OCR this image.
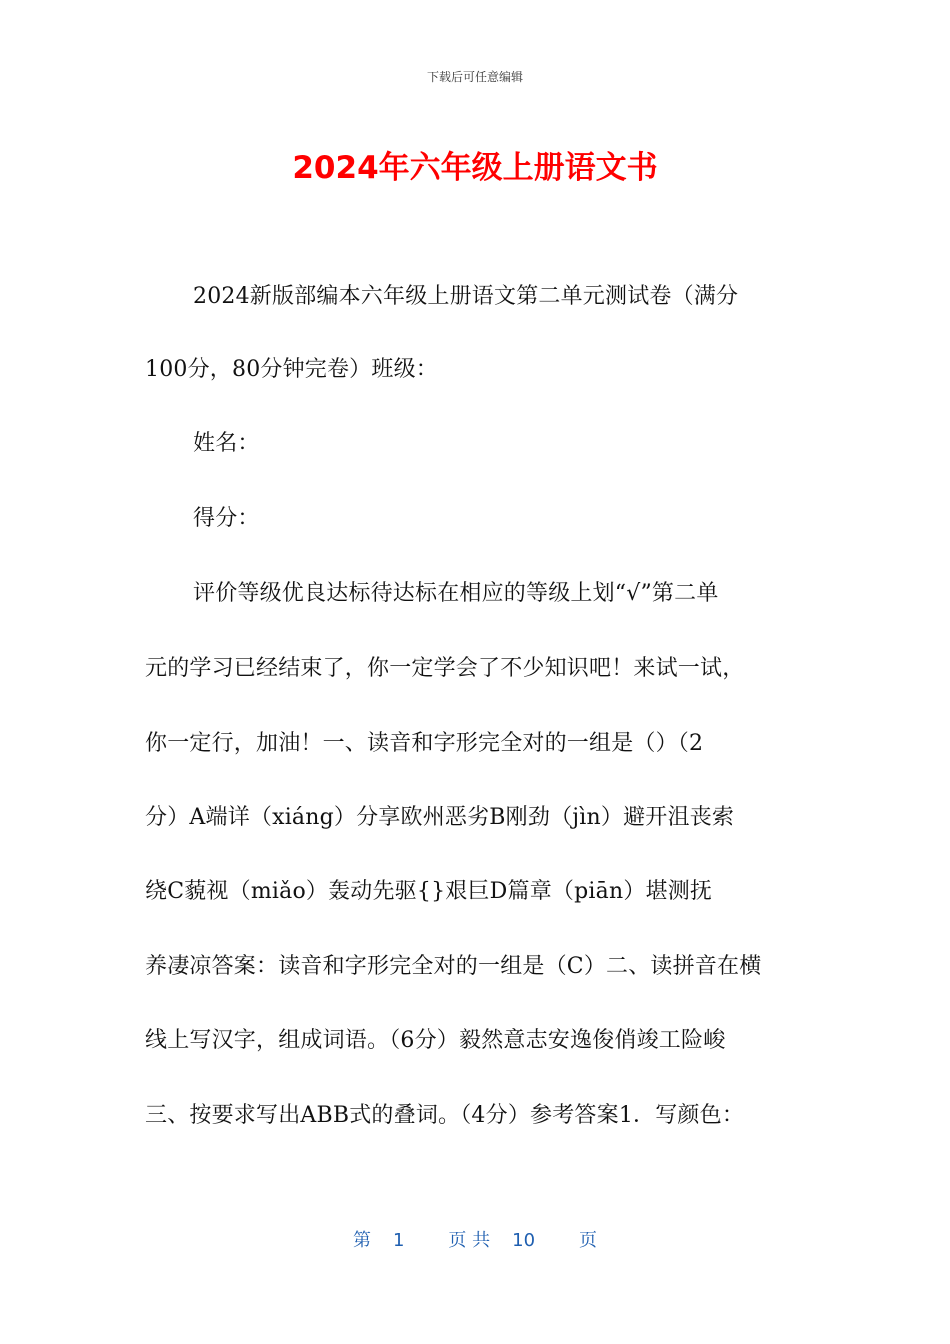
下载后可任意编辑
2024年六年级上册语文书
2024新版部编本六年级上册语文第二单元测试卷（满分
100分，80分钟完卷）班级：
姓名：
得分：
评价等级优良达标待达标在相应的等级上划“√”第二单
元的学习已经结束了，你一定学会了不少知识吧！来试一试，
你一定行，加油！一、读音和字形完全对的一组是（）（2
分）A端详（xiáng）分享欧州恶劣B刚劲（jìn）避开沮丧索
绕C藐视（miǎo）轰动先驱{}艰巨D篇章（piān）堪测抚
养凄凉答案：读音和字形完全对的一组是（C）二、读拼音在横
线上写汉字，组成词语。（6分）毅然意志安逸俊俏竣工险峻
三、按要求写出ABB式的叠词。（4分）参考答案1．写颜色：
第 1 页 共 10 页
